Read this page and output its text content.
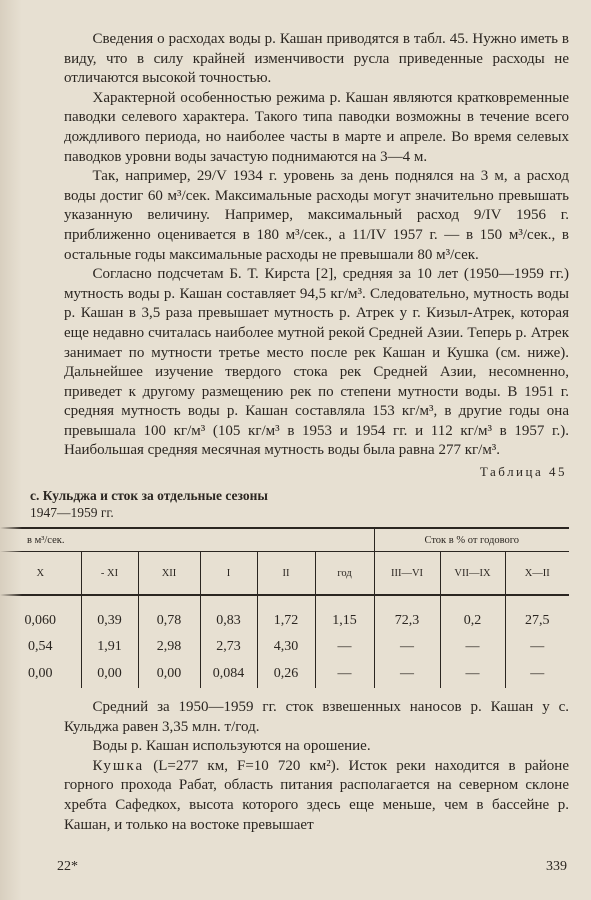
Сведения о расходах воды р. Кашан приводятся в табл. 45. Нужно иметь в виду, что в силу крайней изменчивости русла приведенные расходы не отличаются высокой точностью.

Характерной особенностью режима р. Кашан являются кратковременные паводки селевого характера. Такого типа паводки возможны в течение всего дождливого периода, но наиболее часты в марте и апреле. Во время селевых паводков уровни воды зачастую поднимаются на 3—4 м.

Так, например, 29/V 1934 г. уровень за день поднялся на 3 м, а расход воды достиг 60 м³/сек. Максимальные расходы могут значительно превышать указанную величину. Например, максимальный расход 9/IV 1956 г. приближенно оценивается в 180 м³/сек., а 11/IV 1957 г. — в 150 м³/сек., в остальные годы максимальные расходы не превышали 80 м³/сек.

Согласно подсчетам Б. Т. Кирста [2], средняя за 10 лет (1950—1959 гг.) мутность воды р. Кашан составляет 94,5 кг/м³. Следовательно, мутность воды р. Кашан в 3,5 раза превышает мутность р. Атрек у г. Кизыл-Атрек, которая еще недавно считалась наиболее мутной рекой Средней Азии. Теперь р. Атрек занимает по мутности третье место после рек Кашан и Кушка (см. ниже). Дальнейшее изучение твердого стока рек Средней Азии, несомненно, приведет к другому размещению рек по степени мутности воды. В 1951 г. средняя мутность воды р. Кашан составляла 153 кг/м³, в другие годы она превышала 100 кг/м³ (105 кг/м³ в 1953 и 1954 гг. и 112 кг/м³ в 1957 г.). Наибольшая средняя месячная мутность воды была равна 277 кг/м³.

Таблица 45
с. Кульджа и сток за отдельные сезоны
1947—1959 гг.
в м³/сек.						Сток в % от годового		
X	- XI	XII	I	II	год	III—VI	VII—IX	X—II

0,060	0,39	0,78	0,83	1,72	1,15	72,3	0,2	27,5
0,54	1,91	2,98	2,73	4,30	—	—	—	—
0,00	0,00	0,00	0,084	0,26	—	—	—	—

Средний за 1950—1959 гг. сток взвешенных наносов р. Кашан у с. Кульджа равен 3,35 млн. т/год.

Воды р. Кашан используются на орошение.

Кушка (L=277 км, F=10 720 км²). Исток реки находится в районе горного прохода Рабат, область питания располагается на северном склоне хребта Сафедкох, высота которого здесь еще меньше, чем в бассейне р. Кашан, и только на востоке превышает

22*	339
